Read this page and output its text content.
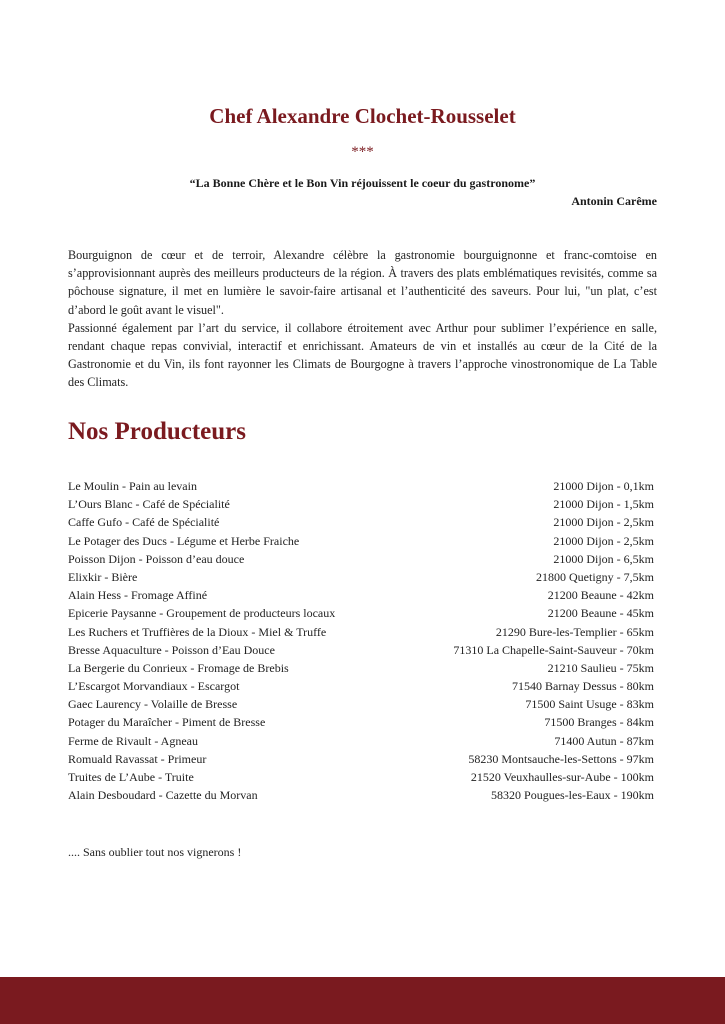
Chef Alexandre Clochet-Rousselet
***
“La Bonne Chère et le Bon Vin réjouissent le coeur du gastronome”
Antonin Carême

Bourguignon de cœur et de terroir, Alexandre célèbre la gastronomie bourguignonne et franc-comtoise en s’approvisionnant auprès des meilleurs producteurs de la région. À travers des plats emblématiques revisités, comme sa pôchouse signature, il met en lumière le savoir-faire artisanal et l’authenticité des saveurs. Pour lui, "un plat, c’est d’abord le goût avant le visuel".

Passionné également par l’art du service, il collabore étroitement avec Arthur pour sublimer l’expérience en salle, rendant chaque repas convivial, interactif et enrichissant. Amateurs de vin et installés au cœur de la Cité de la Gastronomie et du Vin, ils font rayonner les Climats de Bourgogne à travers l’approche vinostronomique de La Table des Climats.

Nos Producteurs
Le Moulin - Pain au levain	21000 Dijon - 0,1km
L’Ours Blanc - Café de Spécialité	21000 Dijon - 1,5km
Caffe Gufo - Café de Spécialité	21000 Dijon - 2,5km
Le Potager des Ducs - Légume et Herbe Fraiche	21000 Dijon - 2,5km
Poisson Dijon - Poisson d’eau douce	21000 Dijon - 6,5km
Elixkir - Bière	21800 Quetigny - 7,5km
Alain Hess - Fromage Affiné	21200 Beaune - 42km
Epicerie Paysanne - Groupement de producteurs locaux	21200 Beaune - 45km
Les Ruchers et Truffières de la Dioux - Miel & Truffe	21290 Bure-les-Templier - 65km
Bresse Aquaculture - Poisson d’Eau Douce	71310 La Chapelle-Saint-Sauveur - 70km
La Bergerie du Conrieux - Fromage de Brebis	21210 Saulieu - 75km
L’Escargot Morvandiaux - Escargot	71540 Barnay Dessus - 80km
Gaec Laurency - Volaille de Bresse	71500 Saint Usuge - 83km
Potager du Maraîcher - Piment de Bresse	71500 Branges - 84km
Ferme de Rivault - Agneau	71400 Autun - 87km
Romuald Ravassat - Primeur	58230 Montsauche-les-Settons - 97km
Truites de L’Aube - Truite	21520 Veuxhaulles-sur-Aube - 100km
Alain Desboudard - Cazette du Morvan	58320 Pougues-les-Eaux - 190km
.... Sans oublier tout nos vignerons !
